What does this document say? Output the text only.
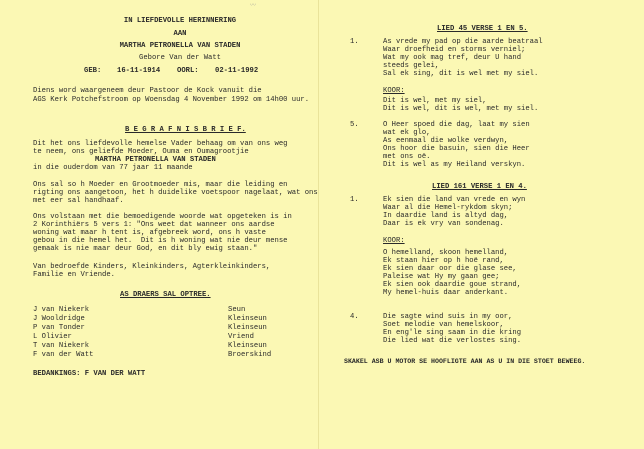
〰
IN LIEFDEVOLLE HERINNERING
AAN
MARTHA PETRONELLA VAN STADEN
Gebore Van der Watt
GEB: 16-11-1914 OORL: 02-11-1992
Diens word waargeneem deur Pastoor de Kock vanuit die
AGS Kerk Potchefstroom op Woensdag 4 November 1992 om 14h00 uur.
B E G R A F N I S B R I E F.
Dit het ons liefdevolle hemelse Vader behaag om van ons weg
te neem, ons geliefde Moeder, Ouma en Oumagrootjie
MARTHA PETRONELLA VAN STADEN
in die ouderdom van 77 jaar 11 maande
Ons sal so h Moeder en Grootmoeder mis, maar die leiding en
rigting ons aangetoon, het h duidelike voetspoor nagelaat, wat ons
met eer sal handhaaf.
Ons volstaan met die bemoedigende woorde wat opgeteken is in
2 Korinthiërs 5 vers 1: "Ons weet dat wanneer ons aardse
woning wat maar h tent is, afgebreek word, ons h vaste
gebou in die hemel het.  Dit is h woning wat nie deur mense
gemaak is nie maar deur God, en dit bly ewig staan."
Van bedroefde Kinders, Kleinkinders, Agterkleinkinders,
Familie en Vriende.
AS DRAERS SAL OPTREE.
J van Niekerk	Seun
J Wooldridge	Kleinseun
P van Tonder	Kleinseun
L Olivier	Vriend
T van Niekerk	Kleinseun
F van der Watt	Broerskind
BEDANKINGS: F VAN DER WATT
LIED 45 VERSE 1 EN 5.
1.	As vrede my pad op die aarde beatraal
Waar droefheid en storms verniel;
Wat my ook mag tref, deur U hand
steeds gelei,
Sal ek sing, dit is wel met my siel.
KOOR:
Dit is wel, met my siel,
Dit is wel, dit is wel, met my siel.
5.	O Heer spoed die dag, laat my sien
wat ek glo,
As eenmaal die wolke verdwyn,
Ons hoor die basuin, sien die Heer
met ons oë.
Dit is wel as my Heiland verskyn.
LIED 161 VERSE 1 EN 4.
1.	Ek sien die land van vrede en wyn
Waar al die Hemel-rykdom skyn;
In daardie land is altyd dag,
Daar is ek vry van sondenag.
KOOR:
O hemelland, skoon hemelland,
Ek staan hier op h hoë rand,
Ek sien daar oor die glase see,
Paleise wat Hy my gaan gee;
Ek sien ook daardie goue strand,
My hemel-huis daar anderkant.
4.	Die sagte wind suis in my oor,
Soet melodie van hemelskoor,
En eng'le sing saam in die kring
Die lied wat die verlostes sing.
SKAKEL ASB U MOTOR SE HOOFLIGTE AAN AS U IN DIE STOET BEWEEG.
